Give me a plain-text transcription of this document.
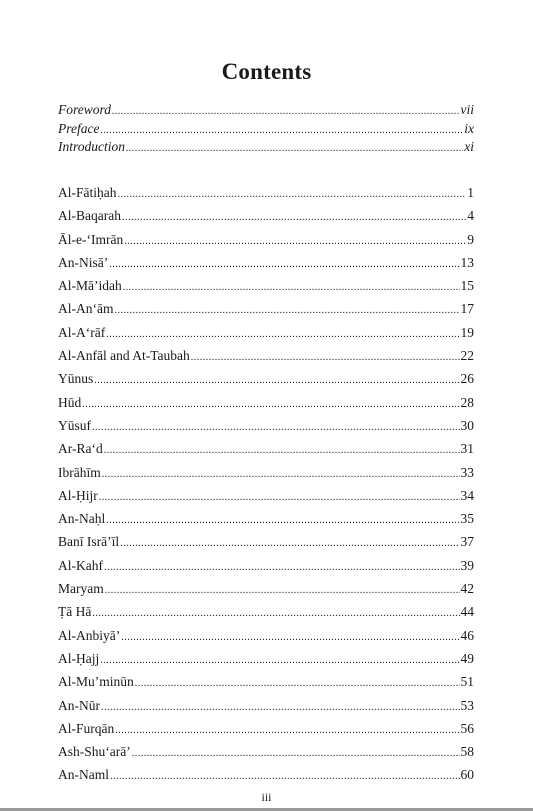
Contents
Foreword .....	vii
Preface .....	ix
Introduction .....	xi
Al-Fātiḥah .....	1
Al-Baqarah .....	4
Āl-e-ʻImrān .....	9
An-Nisā’ .....	13
Al-Mā’idah .....	15
Al-An‘ām .....	17
Al-A‘rāf .....	19
Al-Anfāl and At-Taubah .....	22
Yūnus .....	26
Hūd .....	28
Yūsuf .....	30
Ar-Ra‘d .....	31
Ibrāhīm .....	33
Al-Ḥijr .....	34
An-Naḥl .....	35
Banī Isrā’īl .....	37
Al-Kahf .....	39
Maryam .....	42
Ṭā Hā .....	44
Al-Anbiyā’ .....	46
Al-Ḥajj .....	49
Al-Mu’minūn .....	51
An-Nūr .....	53
Al-Furqān .....	56
Ash-Shu‘arā’ .....	58
An-Naml .....	60
iii
